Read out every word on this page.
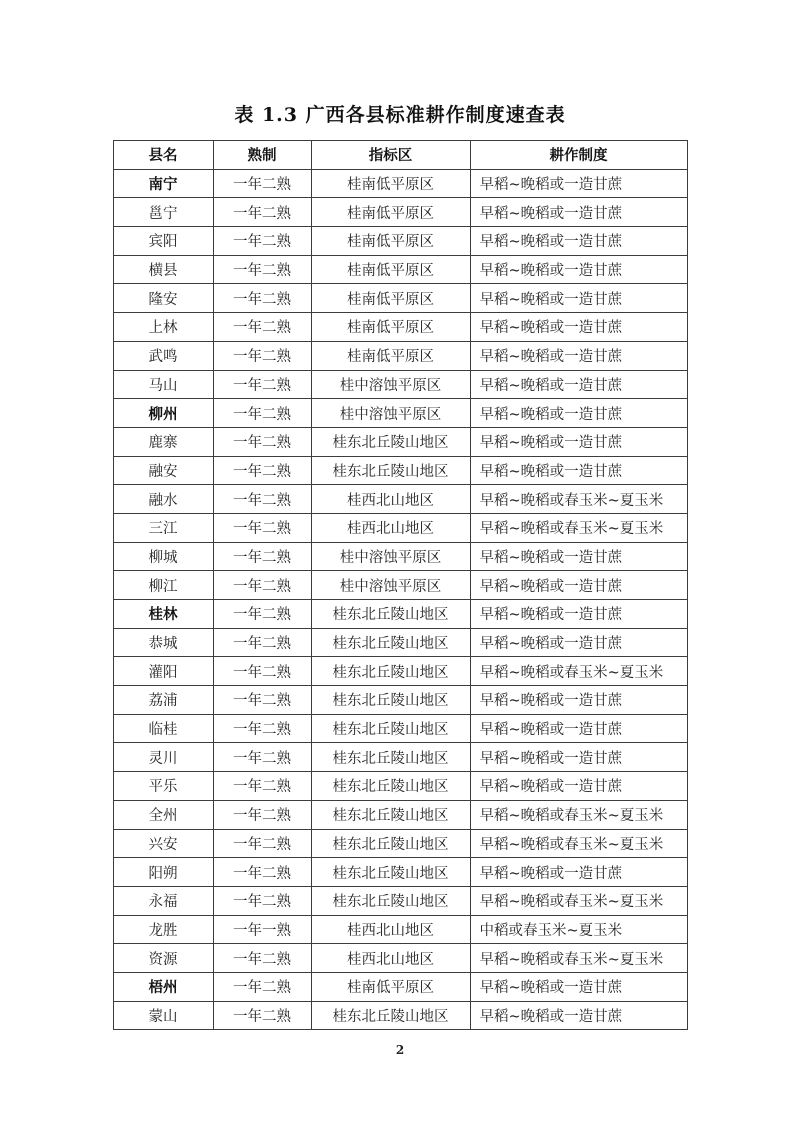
表 1.3 广西各县标准耕作制度速查表
县名	熟制	指标区	耕作制度
南宁	一年二熟	桂南低平原区	早稻~晚稻或一造甘蔗
邕宁	一年二熟	桂南低平原区	早稻~晚稻或一造甘蔗
宾阳	一年二熟	桂南低平原区	早稻~晚稻或一造甘蔗
横县	一年二熟	桂南低平原区	早稻~晚稻或一造甘蔗
隆安	一年二熟	桂南低平原区	早稻~晚稻或一造甘蔗
上林	一年二熟	桂南低平原区	早稻~晚稻或一造甘蔗
武鸣	一年二熟	桂南低平原区	早稻~晚稻或一造甘蔗
马山	一年二熟	桂中溶蚀平原区	早稻~晚稻或一造甘蔗
柳州	一年二熟	桂中溶蚀平原区	早稻~晚稻或一造甘蔗
鹿寨	一年二熟	桂东北丘陵山地区	早稻~晚稻或一造甘蔗
融安	一年二熟	桂东北丘陵山地区	早稻~晚稻或一造甘蔗
融水	一年二熟	桂西北山地区	早稻~晚稻或春玉米~夏玉米
三江	一年二熟	桂西北山地区	早稻~晚稻或春玉米~夏玉米
柳城	一年二熟	桂中溶蚀平原区	早稻~晚稻或一造甘蔗
柳江	一年二熟	桂中溶蚀平原区	早稻~晚稻或一造甘蔗
桂林	一年二熟	桂东北丘陵山地区	早稻~晚稻或一造甘蔗
恭城	一年二熟	桂东北丘陵山地区	早稻~晚稻或一造甘蔗
灌阳	一年二熟	桂东北丘陵山地区	早稻~晚稻或春玉米~夏玉米
荔浦	一年二熟	桂东北丘陵山地区	早稻~晚稻或一造甘蔗
临桂	一年二熟	桂东北丘陵山地区	早稻~晚稻或一造甘蔗
灵川	一年二熟	桂东北丘陵山地区	早稻~晚稻或一造甘蔗
平乐	一年二熟	桂东北丘陵山地区	早稻~晚稻或一造甘蔗
全州	一年二熟	桂东北丘陵山地区	早稻~晚稻或春玉米~夏玉米
兴安	一年二熟	桂东北丘陵山地区	早稻~晚稻或春玉米~夏玉米
阳朔	一年二熟	桂东北丘陵山地区	早稻~晚稻或一造甘蔗
永福	一年二熟	桂东北丘陵山地区	早稻~晚稻或春玉米~夏玉米
龙胜	一年一熟	桂西北山地区	中稻或春玉米~夏玉米
资源	一年二熟	桂西北山地区	早稻~晚稻或春玉米~夏玉米
梧州	一年二熟	桂南低平原区	早稻~晚稻或一造甘蔗
蒙山	一年二熟	桂东北丘陵山地区	早稻~晚稻或一造甘蔗
2
